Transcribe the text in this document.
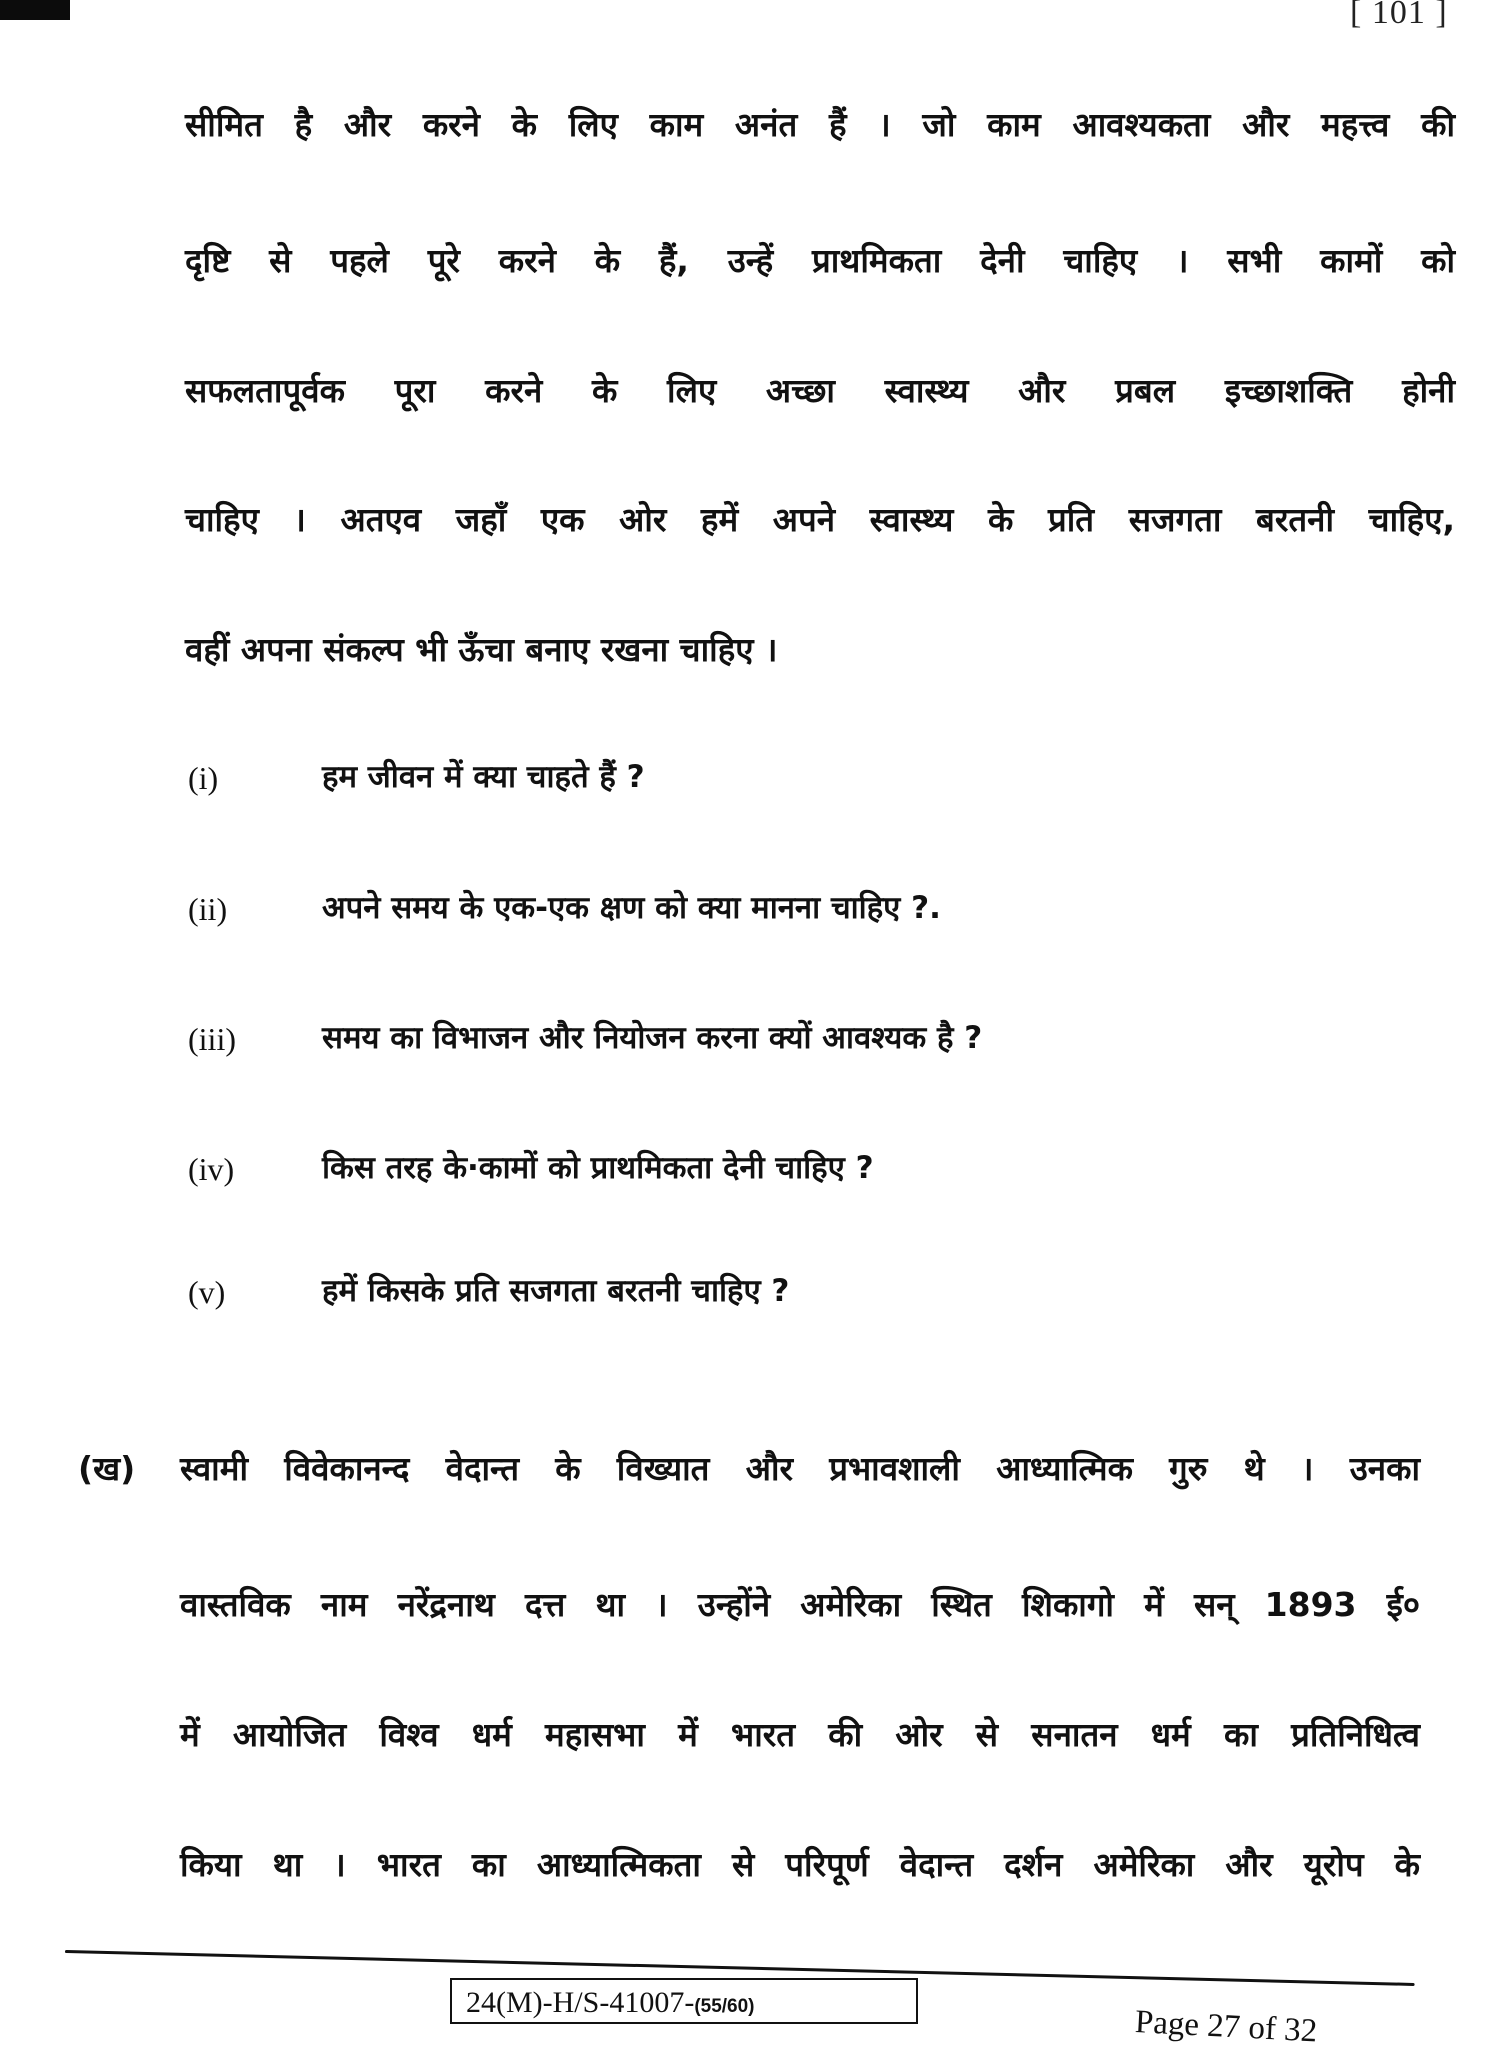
[ 101 ]
सीमित है और करने के लिए काम अनंत हैं । जो काम आवश्यकता और महत्त्व की
दृष्टि से पहले पूरे करने के हैं, उन्हें प्राथमिकता देनी चाहिए । सभी कामों को
सफलतापूर्वक पूरा करने के लिए अच्छा स्वास्थ्य और प्रबल इच्छाशक्ति होनी
चाहिए । अतएव जहाँ एक ओर हमें अपने स्वास्थ्य के प्रति सजगता बरतनी चाहिए,
वहीं अपना संकल्प भी ऊँचा बनाए रखना चाहिए ।
(i)	हम जीवन में क्या चाहते हैं ?
(ii)	अपने समय के एक-एक क्षण को क्या मानना चाहिए ?.
(iii)	समय का विभाजन और नियोजन करना क्यों आवश्यक है ?
(iv)	किस तरह के·कामों को प्राथमिकता देनी चाहिए ?
(v)	हमें किसके प्रति सजगता बरतनी चाहिए ?
(ख) स्वामी विवेकानन्द वेदान्त के विख्यात और प्रभावशाली आध्यात्मिक गुरु थे । उनका
वास्तविक नाम नरेंद्रनाथ दत्त था । उन्होंने अमेरिका स्थित शिकागो में सन् 1893 ई०
में आयोजित विश्व धर्म महासभा में भारत की ओर से सनातन धर्म का प्रतिनिधित्व
किया था । भारत का आध्यात्मिकता से परिपूर्ण वेदान्त दर्शन अमेरिका और यूरोप के
24(M)-H/S-41007-(55/60)	Page 27 of 32
